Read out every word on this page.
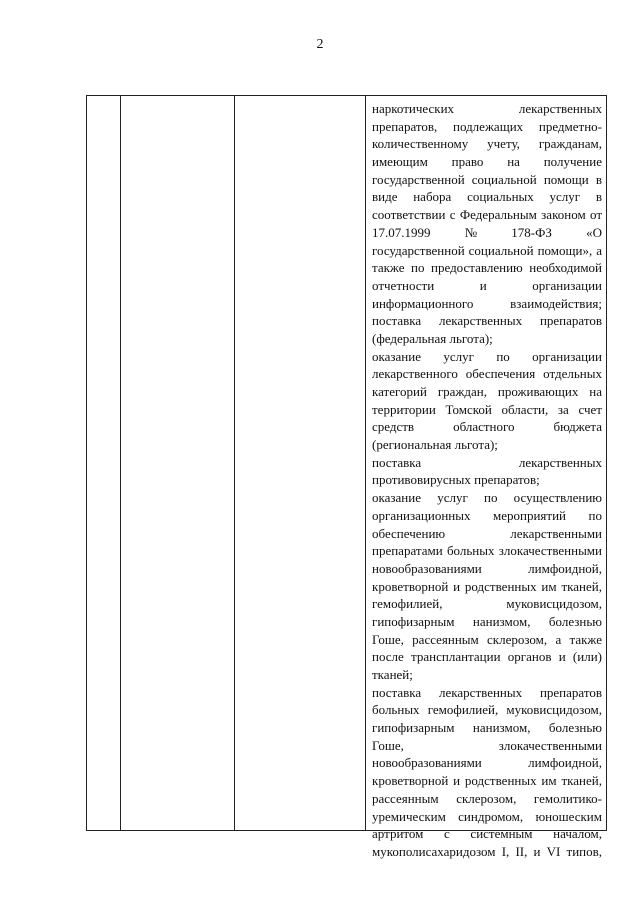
2
наркотических	лекарственных
препаратов, подлежащих предметно-
количественному учету, гражданам,
имеющим право на получение
государственной социальной помощи в
виде набора социальных услуг в
соответствии с Федеральным законом от
17.07.1999	№	178-ФЗ	«О
государственной социальной помощи», а
также по предоставлению необходимой
отчетности	и	организации
информационного	взаимодействия;
поставка лекарственных препаратов
(федеральная льгота);
оказание услуг по организации
лекарственного обеспечения отдельных
категорий граждан, проживающих на
территории Томской области, за счет
средств	областного	бюджета
(региональная льгота);
поставка	лекарственных
противовирусных препаратов;
оказание услуг по осуществлению
организационных мероприятий по
обеспечению	лекарственными
препаратами больных злокачественными
новообразованиями	лимфоидной,
кроветворной и родственных им тканей,
гемофилией,	муковисцидозом,
гипофизарным нанизмом, болезнью
Гоше, рассеянным склерозом, а также
после трансплантации органов и (или)
тканей;
поставка лекарственных препаратов
больных гемофилией, муковисцидозом,
гипофизарным нанизмом, болезнью
Гоше,	злокачественными
новообразованиями	лимфоидной,
кроветворной и родственных им тканей,
рассеянным склерозом, гемолитико-
уремическим синдромом, юношеским
артритом с системным началом,
мукополисахаридозом I, II, и VI типов,
